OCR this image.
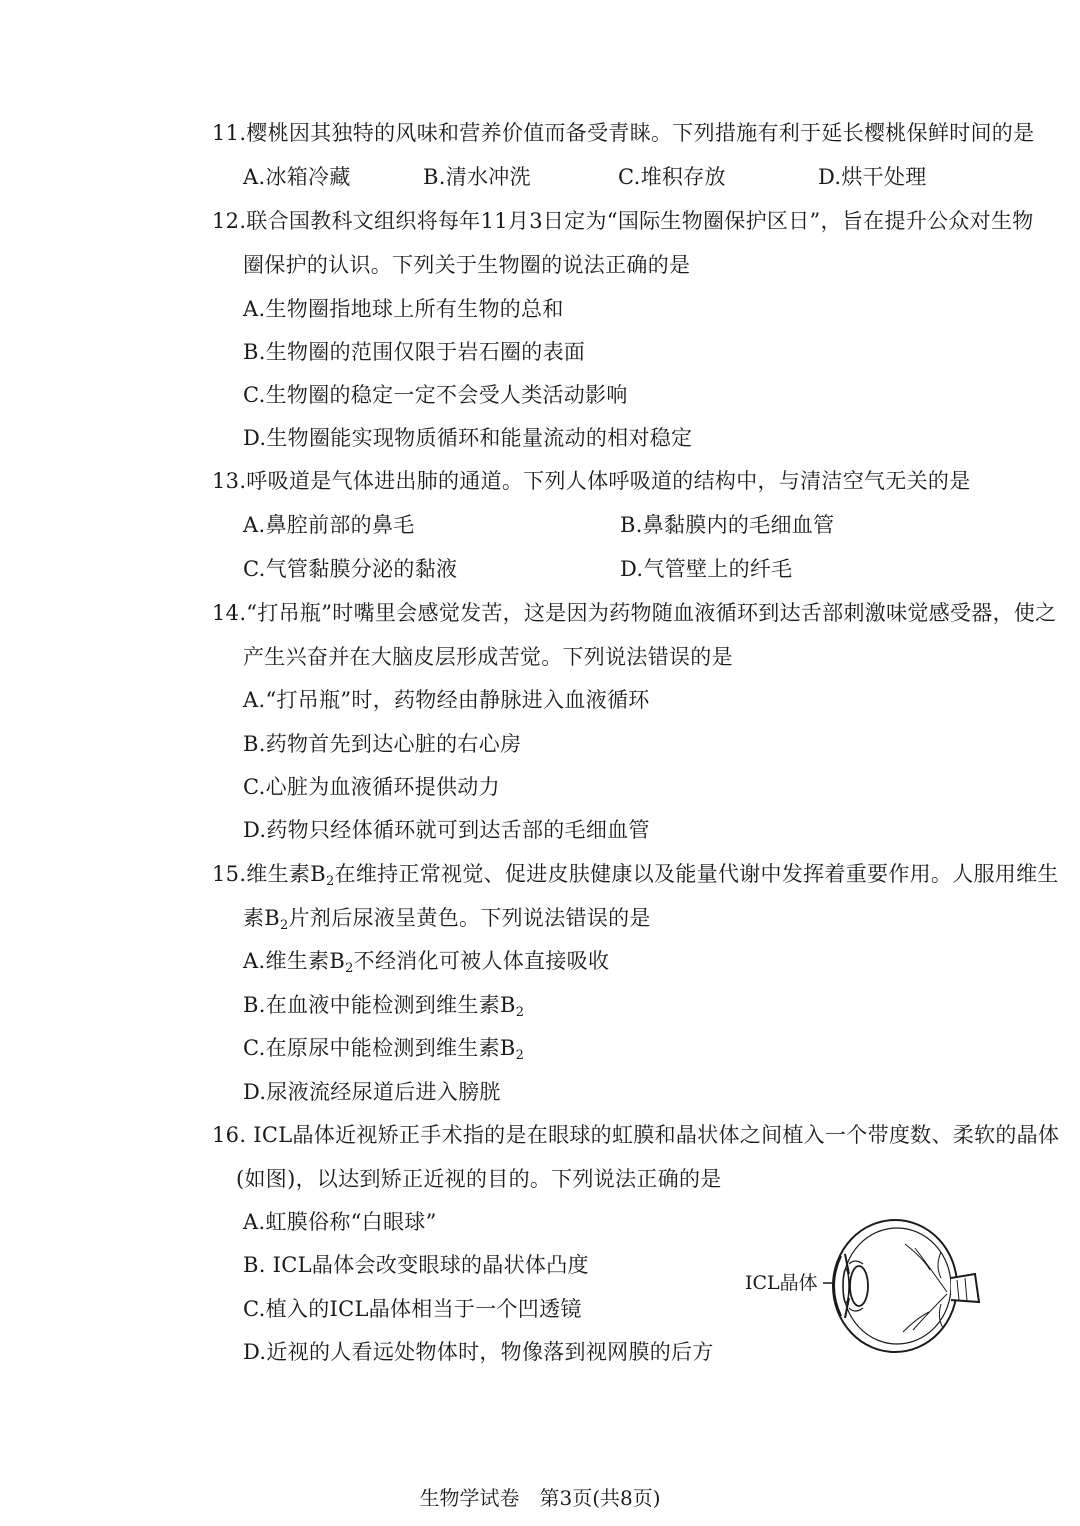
11.樱桃因其独特的风味和营养价值而备受青睐。下列措施有利于延长樱桃保鲜时间的是
A.冰箱冷藏	B.清水冲洗	C.堆积存放	D.烘干处理
12.联合国教科文组织将每年11月3日定为“国际生物圈保护区日”，旨在提升公众对生物
圈保护的认识。下列关于生物圈的说法正确的是
A.生物圈指地球上所有生物的总和
B.生物圈的范围仅限于岩石圈的表面
C.生物圈的稳定一定不会受人类活动影响
D.生物圈能实现物质循环和能量流动的相对稳定
13.呼吸道是气体进出肺的通道。下列人体呼吸道的结构中，与清洁空气无关的是
A.鼻腔前部的鼻毛	B.鼻黏膜内的毛细血管
C.气管黏膜分泌的黏液	D.气管壁上的纤毛
14.“打吊瓶”时嘴里会感觉发苦，这是因为药物随血液循环到达舌部刺激味觉感受器，使之
产生兴奋并在大脑皮层形成苦觉。下列说法错误的是
A.“打吊瓶”时，药物经由静脉进入血液循环
B.药物首先到达心脏的右心房
C.心脏为血液循环提供动力
D.药物只经体循环就可到达舌部的毛细血管
15.维生素$B_2$在维持正常视觉、促进皮肤健康以及能量代谢中发挥着重要作用。人服用维生
素$B_2$片剂后尿液呈黄色。下列说法错误的是
A.维生素$B_2$不经消化可被人体直接吸收
B.在血液中能检测到维生素$B_2$
C.在原尿中能检测到维生素$B_2$
D.尿液流经尿道后进入膀胱
16. ICL晶体近视矫正手术指的是在眼球的虹膜和晶状体之间植入一个带度数、柔软的晶体
(如图)，以达到矫正近视的目的。下列说法正确的是
A.虹膜俗称“白眼球”
B. ICL晶体会改变眼球的晶状体凸度
C.植入的ICL晶体相当于一个凹透镜
D.近视的人看远处物体时，物像落到视网膜的后方
ICL晶体
生物学试卷　第3页(共8页)
